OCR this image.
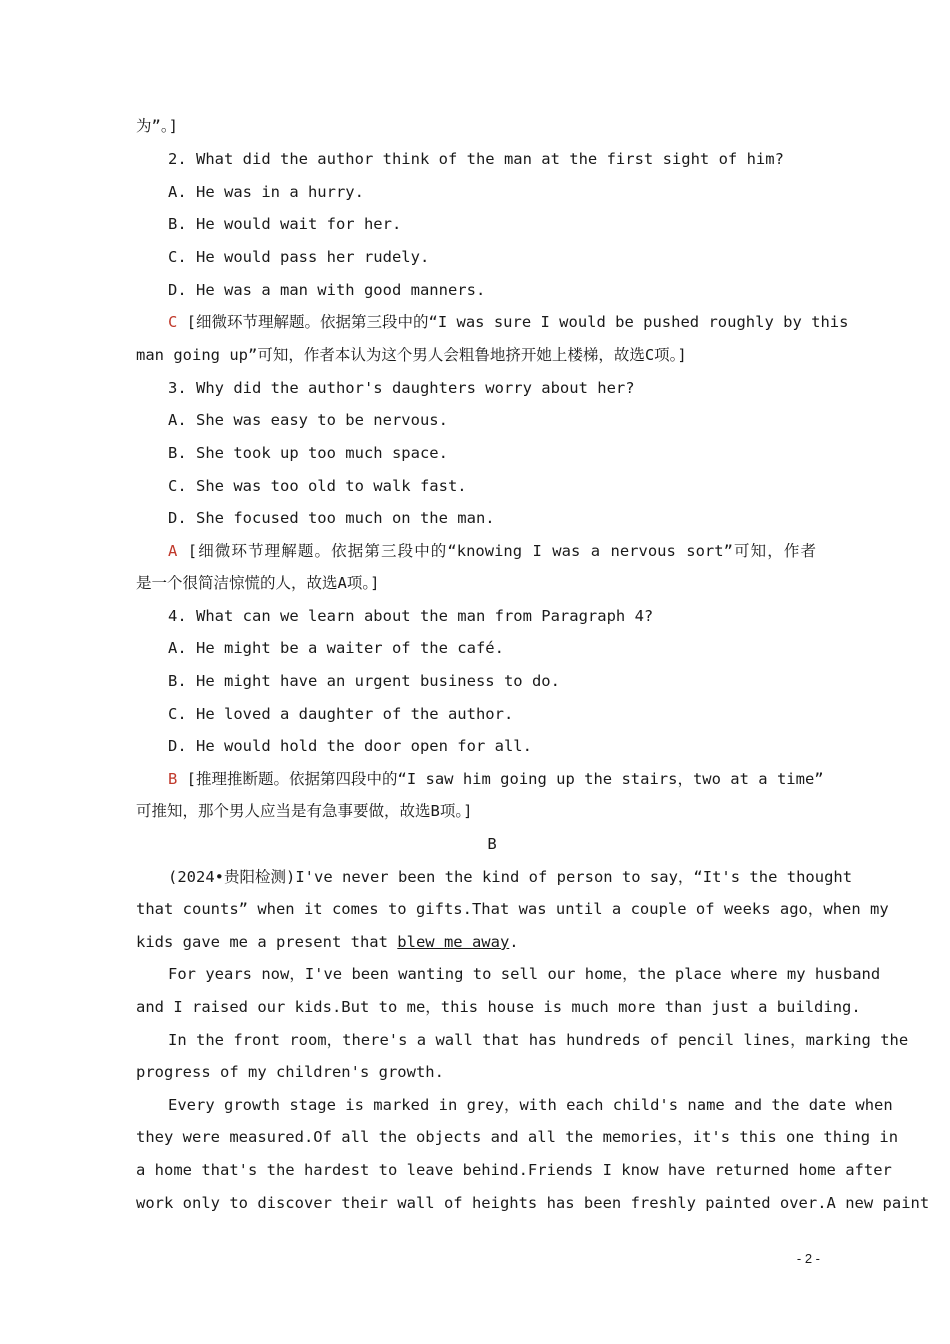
为”。]
2. What did the author think of the man at the first sight of him?
A. He was in a hurry.
B. He would wait for her.
C. He would pass her rudely.
D. He was a man with good manners.
C [细微环节理解题。依据第三段中的“I was sure I would be pushed roughly by this
man going up”可知，作者本认为这个男人会粗鲁地挤开她上楼梯，故选C项。]
3. Why did the author's daughters worry about her?
A. She was easy to be nervous.
B. She took up too much space.
C. She was too old to walk fast.
D. She focused too much on the man.
A [细微环节理解题。依据第三段中的“knowing I was a nervous sort”可知，作者
是一个很简洁惊慌的人，故选A项。]
4. What can we learn about the man from Paragraph 4?
A. He might be a waiter of the café.
B. He might have an urgent business to do.
C. He loved a daughter of the author.
D. He would hold the door open for all.
B [推理推断题。依据第四段中的“I saw him going up the stairs，two at a time”
可推知，那个男人应当是有急事要做，故选B项。]
B
(2024•贵阳检测)I've never been the kind of person to say，“It's the thought
that counts” when it comes to gifts.That was until a couple of weeks ago，when my
kids gave me a present that blew me away.
For years now，I've been wanting to sell our home，the place where my husband
and I raised our kids.But to me，this house is much more than just a building.
In the front room，there's a wall that has hundreds of pencil lines，marking the
progress of my children's growth.
Every growth stage is marked in grey，with each child's name and the date when
they were measured.Of all the objects and all the memories，it's this one thing in
a home that's the hardest to leave behind.Friends I know have returned home after
work only to discover their wall of heights has been freshly painted over.A new paint
- 2 -
